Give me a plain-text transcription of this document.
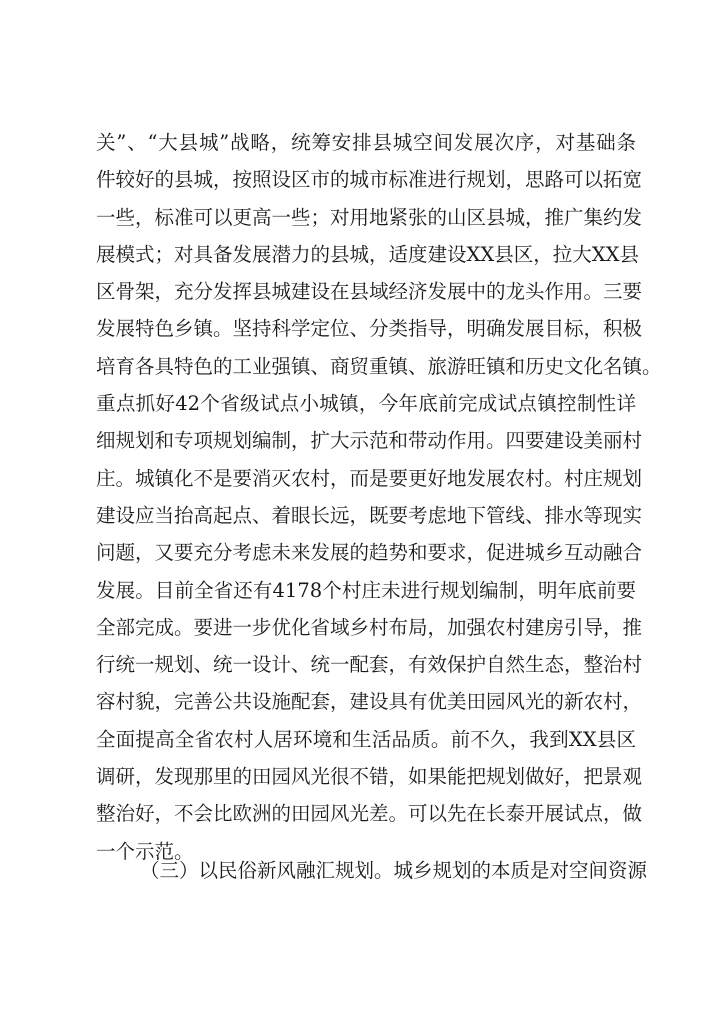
关”、“大县城”战略，统筹安排县城空间发展次序，对基础条
件较好的县城，按照设区市的城市标准进行规划，思路可以拓宽
一些，标准可以更高一些；对用地紧张的山区县城，推广集约发
展模式；对具备发展潜力的县城，适度建设XX县区，拉大XX县
区骨架，充分发挥县城建设在县域经济发展中的龙头作用。三要
发展特色乡镇。坚持科学定位、分类指导，明确发展目标，积极
培育各具特色的工业强镇、商贸重镇、旅游旺镇和历史文化名镇。
重点抓好42个省级试点小城镇，今年底前完成试点镇控制性详
细规划和专项规划编制，扩大示范和带动作用。四要建设美丽村
庄。城镇化不是要消灭农村，而是要更好地发展农村。村庄规划
建设应当抬高起点、着眼长远，既要考虑地下管线、排水等现实
问题，又要充分考虑未来发展的趋势和要求，促进城乡互动融合
发展。目前全省还有4178个村庄未进行规划编制，明年底前要
全部完成。要进一步优化省域乡村布局，加强农村建房引导，推
行统一规划、统一设计、统一配套，有效保护自然生态，整治村
容村貌，完善公共设施配套，建设具有优美田园风光的新农村，
全面提高全省农村人居环境和生活品质。前不久，我到XX县区
调研，发现那里的田园风光很不错，如果能把规划做好，把景观
整治好，不会比欧洲的田园风光差。可以先在长泰开展试点，做
一个示范。
（三）以民俗新风融汇规划。城乡规划的本质是对空间资源
